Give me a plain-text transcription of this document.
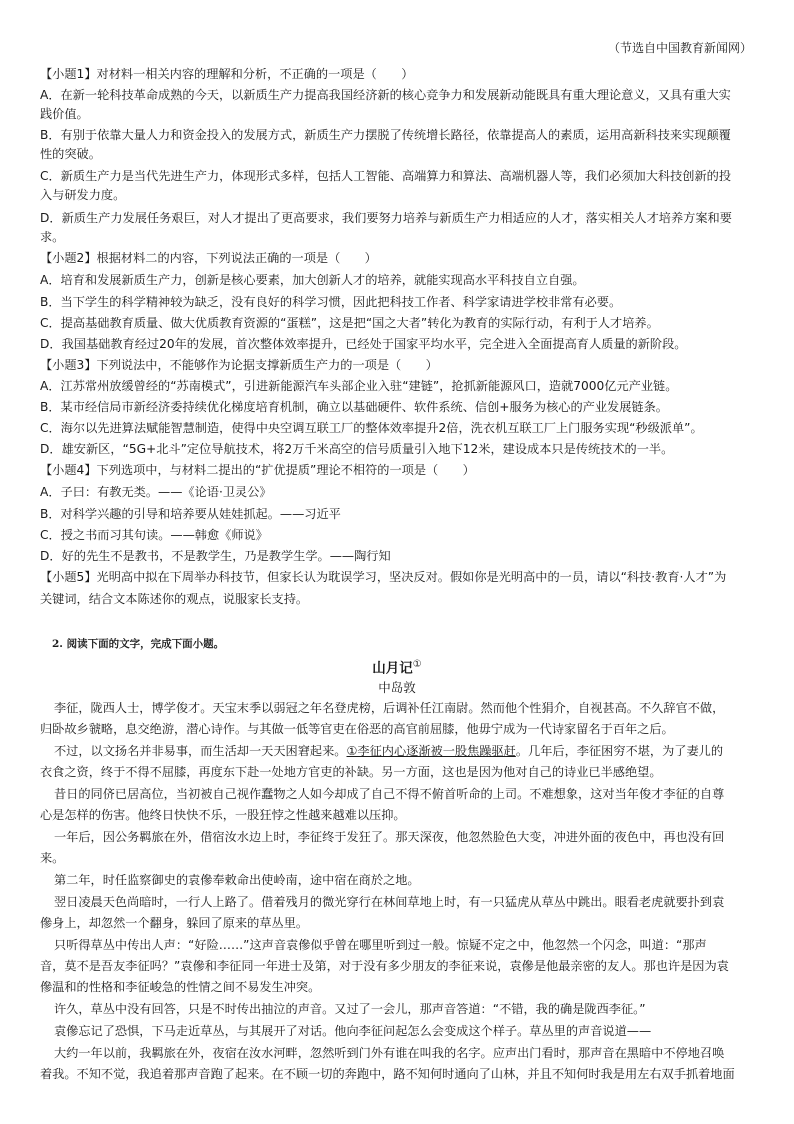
（节选自中国教育新闻网）
【小题1】对材料一相关内容的理解和分析，不正确的一项是（　　）
A．在新一轮科技革命成熟的今天，以新质生产力提高我国经济新的核心竞争力和发展新动能既具有重大理论意义，又具有重大实
践价值。
B．有别于依靠大量人力和资金投入的发展方式，新质生产力摆脱了传统增长路径，依靠提高人的素质，运用高新科技来实现颠覆
性的突破。
C．新质生产力是当代先进生产力，体现形式多样，包括人工智能、高端算力和算法、高端机器人等，我们必须加大科技创新的投
入与研发力度。
D．新质生产力发展任务艰巨，对人才提出了更高要求，我们要努力培养与新质生产力相适应的人才，落实相关人才培养方案和要
求。
【小题2】根据材料二的内容，下列说法正确的一项是（　　）
A．培育和发展新质生产力，创新是核心要素，加大创新人才的培养，就能实现高水平科技自立自强。
B．当下学生的科学精神较为缺乏，没有良好的科学习惯，因此把科技工作者、科学家请进学校非常有必要。
C．提高基础教育质量、做大优质教育资源的“蛋糕”，这是把“国之大者”转化为教育的实际行动，有利于人才培养。
D．我国基础教育经过20年的发展，首次整体效率提升，已经处于国家平均水平，完全进入全面提高育人质量的新阶段。
【小题3】下列说法中，不能够作为论据支撑新质生产力的一项是（　　）
A．江苏常州放缓曾经的“苏南模式”，引进新能源汽车头部企业入驻“建链”，抢抓新能源风口，造就7000亿元产业链。
B．某市经信局市新经济委持续优化梯度培育机制，确立以基础硬件、软件系统、信创+服务为核心的产业发展链条。
C．海尔以先进算法赋能智慧制造，使得中央空调互联工厂的整体效率提升2倍，洗衣机互联工厂上门服务实现“秒级派单”。
D．雄安新区，“5G+北斗”定位导航技术，将2万千米高空的信号质量引入地下12米，建设成本只是传统技术的一半。
【小题4】下列选项中，与材料二提出的“扩优提质”理论不相符的一项是（　　）
A．子曰：有教无类。——《论语·卫灵公》
B．对科学兴趣的引导和培养要从娃娃抓起。——习近平
C．授之书而习其句读。——韩愈《师说》
D．好的先生不是教书，不是教学生，乃是教学生学。——陶行知
【小题5】光明高中拟在下周举办科技节，但家长认为耽误学习，坚决反对。假如你是光明高中的一员，请以“科技·教育·人才”为
关键词，结合文本陈述你的观点，说服家长支持。
2. 阅读下面的文字，完成下面小题。
山月记①
中岛敦
李征，陇西人士，博学俊才。天宝末季以弱冠之年名登虎榜，后调补任江南尉。然而他个性狷介，自视甚高。不久辞官不做，
归卧故乡虢略，息交绝游，潜心诗作。与其做一低等官吏在俗恶的高官前屈膝，他毋宁成为一代诗家留名于百年之后。
不过，以文扬名并非易事，而生活却一天天困窘起来。①李征内心逐渐被一股焦躁驱赶。几年后，李征困穷不堪，为了妻儿的
衣食之资，终于不得不屈膝，再度东下赴一处地方官吏的补缺。另一方面，这也是因为他对自己的诗业已半感绝望。
昔日的同侪已居高位，当初被自己视作蠢物之人如今却成了自己不得不俯首听命的上司。不难想象，这对当年俊才李征的自尊
心是怎样的伤害。他终日快快不乐，一股狂悖之性越来越难以压抑。
一年后，因公务羁旅在外，借宿汝水边上时，李征终于发狂了。那天深夜，他忽然脸色大变，冲进外面的夜色中，再也没有回
来。
第二年，时任监察御史的袁傪奉敕命出使岭南，途中宿在商於之地。
翌日凌晨天色尚暗时，一行人上路了。借着残月的微光穿行在林间草地上时，有一只猛虎从草丛中跳出。眼看老虎就要扑到袁
傪身上，却忽然一个翻身，躲回了原来的草丛里。
只听得草丛中传出人声：“好险……”这声音袁傪似乎曾在哪里听到过一般。惊疑不定之中，他忽然一个闪念，叫道：“那声
音，莫不是吾友李征吗？”袁傪和李征同一年进士及第，对于没有多少朋友的李征来说，袁傪是他最亲密的友人。那也许是因为袁
傪温和的性格和李征峻急的性情之间不易发生冲突。
许久，草丛中没有回答，只是不时传出抽泣的声音。又过了一会儿，那声音答道：“不错，我的确是陇西李征。”
袁傪忘记了恐惧，下马走近草丛，与其展开了对话。他向李征问起怎么会变成这个样子。草丛里的声音说道——
大约一年以前，我羁旅在外，夜宿在汝水河畔，忽然听到门外有谁在叫我的名字。应声出门看时，那声音在黑暗中不停地召唤
着我。不知不觉，我追着那声音跑了起来。在不顾一切的奔跑中，路不知何时通向了山林，并且不知何时我是用左右双手抓着地面
